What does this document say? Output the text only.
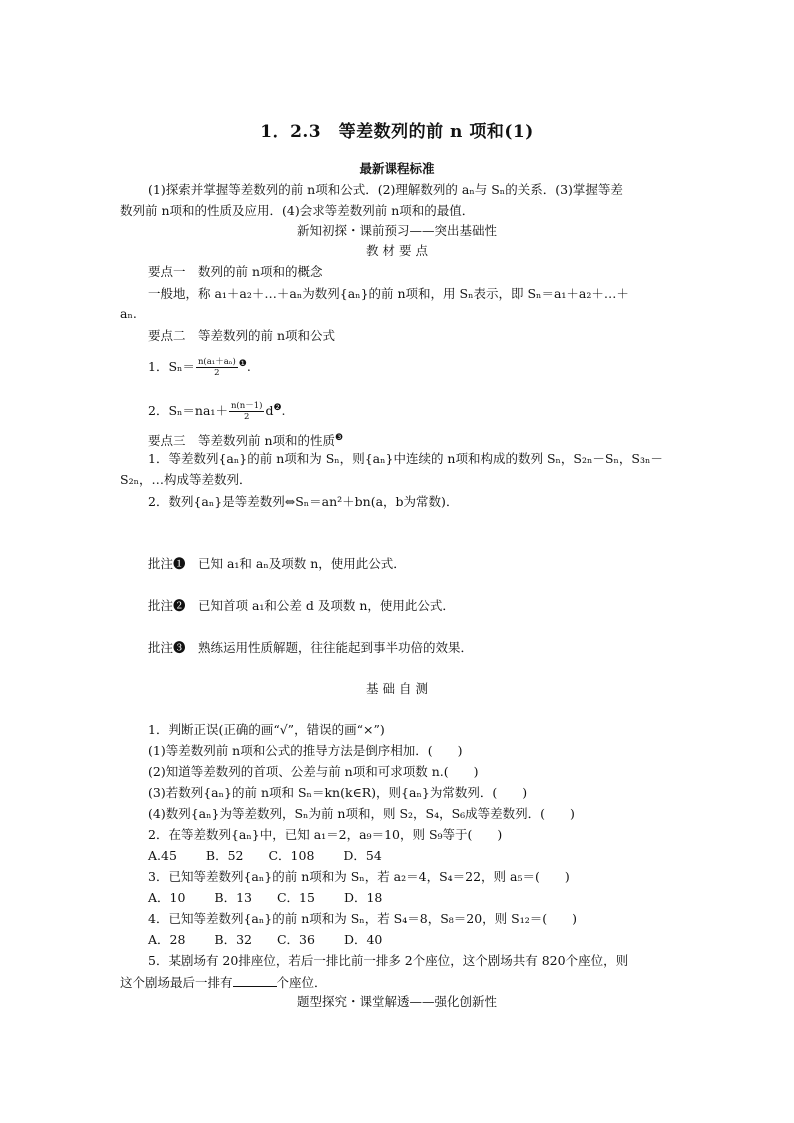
1．2.3　等差数列的前 n 项和(1)
最新课程标准
(1)探索并掌握等差数列的前 n项和公式．(2)理解数列的 aₙ与 Sₙ的关系．(3)掌握等差
数列前 n项和的性质及应用．(4)会求等差数列前 n项和的最值．
新知初探・课前预习——突出基础性
教 材 要 点
要点一　数列的前 n项和的概念
一般地，称 a₁＋a₂＋…＋aₙ为数列{aₙ}的前 n项和，用 Sₙ表示，即 Sₙ＝a₁＋a₂＋…＋
aₙ.
要点二　等差数列的前 n项和公式
1．$S_n= \frac{\text{n(a₁＋aₙ)}}{2} ^❶$.
2．$S_n=na_1+ \frac{n(n-1)}{2} d^❷$.
要点三　等差数列前 n项和的性质$^❸$
1．等差数列{aₙ}的前 n项和为 Sₙ，则{aₙ}中连续的 n项和构成的数列 Sₙ，S₂ₙ－Sₙ，S₃ₙ－
S₂ₙ，…构成等差数列．
2．数列{aₙ}是等差数列⇔Sₙ＝an²＋bn(a，b为常数)．
批注❶　已知 a₁和 aₙ及项数 n，使用此公式．
批注❷　已知首项 a₁和公差 d 及项数 n，使用此公式．
批注❸　熟练运用性质解题，往往能起到事半功倍的效果．
基 础 自 测
1．判断正误(正确的画“√”，错误的画“×”)
(1)等差数列前 n项和公式的推导方法是倒序相加．(　　)
(2)知道等差数列的首项、公差与前 n项和可求项数 n.(　　)
(3)若数列{aₙ}的前 n项和 Sₙ＝kn(k∈R)，则{aₙ}为常数列．(　　)
(4)数列{aₙ}为等差数列，Sₙ为前 n项和，则 S₂，S₄，S₆成等差数列．(　　)
2．在等差数列{aₙ}中，已知 a₁＝2，a₉＝10，则 S₉等于(　　)
A.45　　 B．52　　C．108　　 D．54
3．已知等差数列{aₙ}的前 n项和为 Sₙ，若 a₂＝4，S₄＝22，则 a₅＝(　　)
A．10　　 B．13　　C．15　　 D．18
4．已知等差数列{aₙ}的前 n项和为 Sₙ，若 S₄＝8，S₈＝20，则 S₁₂＝(　　)
A．28　　 B．32　　C．36　　 D．40
5．某剧场有 20排座位，若后一排比前一排多 2个座位，这个剧场共有 820个座位，则
这个剧场最后一排有	个座位．
题型探究・课堂解透——强化创新性
